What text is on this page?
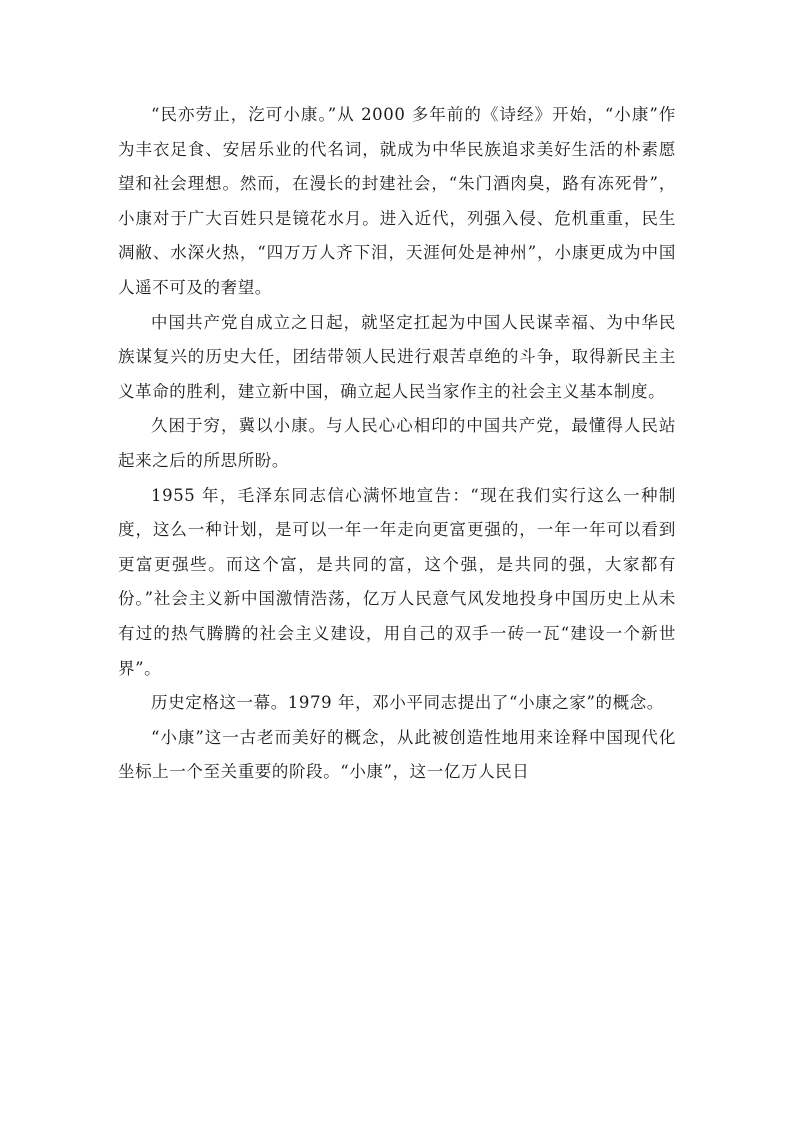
“民亦劳止，汔可小康。”从 2000 多年前的《诗经》开始，“小康”作为丰衣足食、安居乐业的代名词，就成为中华民族追求美好生活的朴素愿望和社会理想。然而，在漫长的封建社会，“朱门酒肉臭，路有冻死骨”，小康对于广大百姓只是镜花水月。进入近代，列强入侵、危机重重，民生凋敝、水深火热，“四万万人齐下泪，天涯何处是神州”，小康更成为中国人遥不可及的奢望。

中国共产党自成立之日起，就坚定扛起为中国人民谋幸福、为中华民族谋复兴的历史大任，团结带领人民进行艰苦卓绝的斗争，取得新民主主义革命的胜利，建立新中国，确立起人民当家作主的社会主义基本制度。

久困于穷，冀以小康。与人民心心相印的中国共产党，最懂得人民站起来之后的所思所盼。

1955 年，毛泽东同志信心满怀地宣告：“现在我们实行这么一种制度，这么一种计划，是可以一年一年走向更富更强的，一年一年可以看到更富更强些。而这个富，是共同的富，这个强，是共同的强，大家都有份。”社会主义新中国激情浩荡，亿万人民意气风发地投身中国历史上从未有过的热气腾腾的社会主义建设，用自己的双手一砖一瓦“建设一个新世界”。

历史定格这一幕。1979 年，邓小平同志提出了“小康之家”的概念。

“小康”这一古老而美好的概念，从此被创造性地用来诠释中国现代化坐标上一个至关重要的阶段。“小康”，这一亿万人民日
